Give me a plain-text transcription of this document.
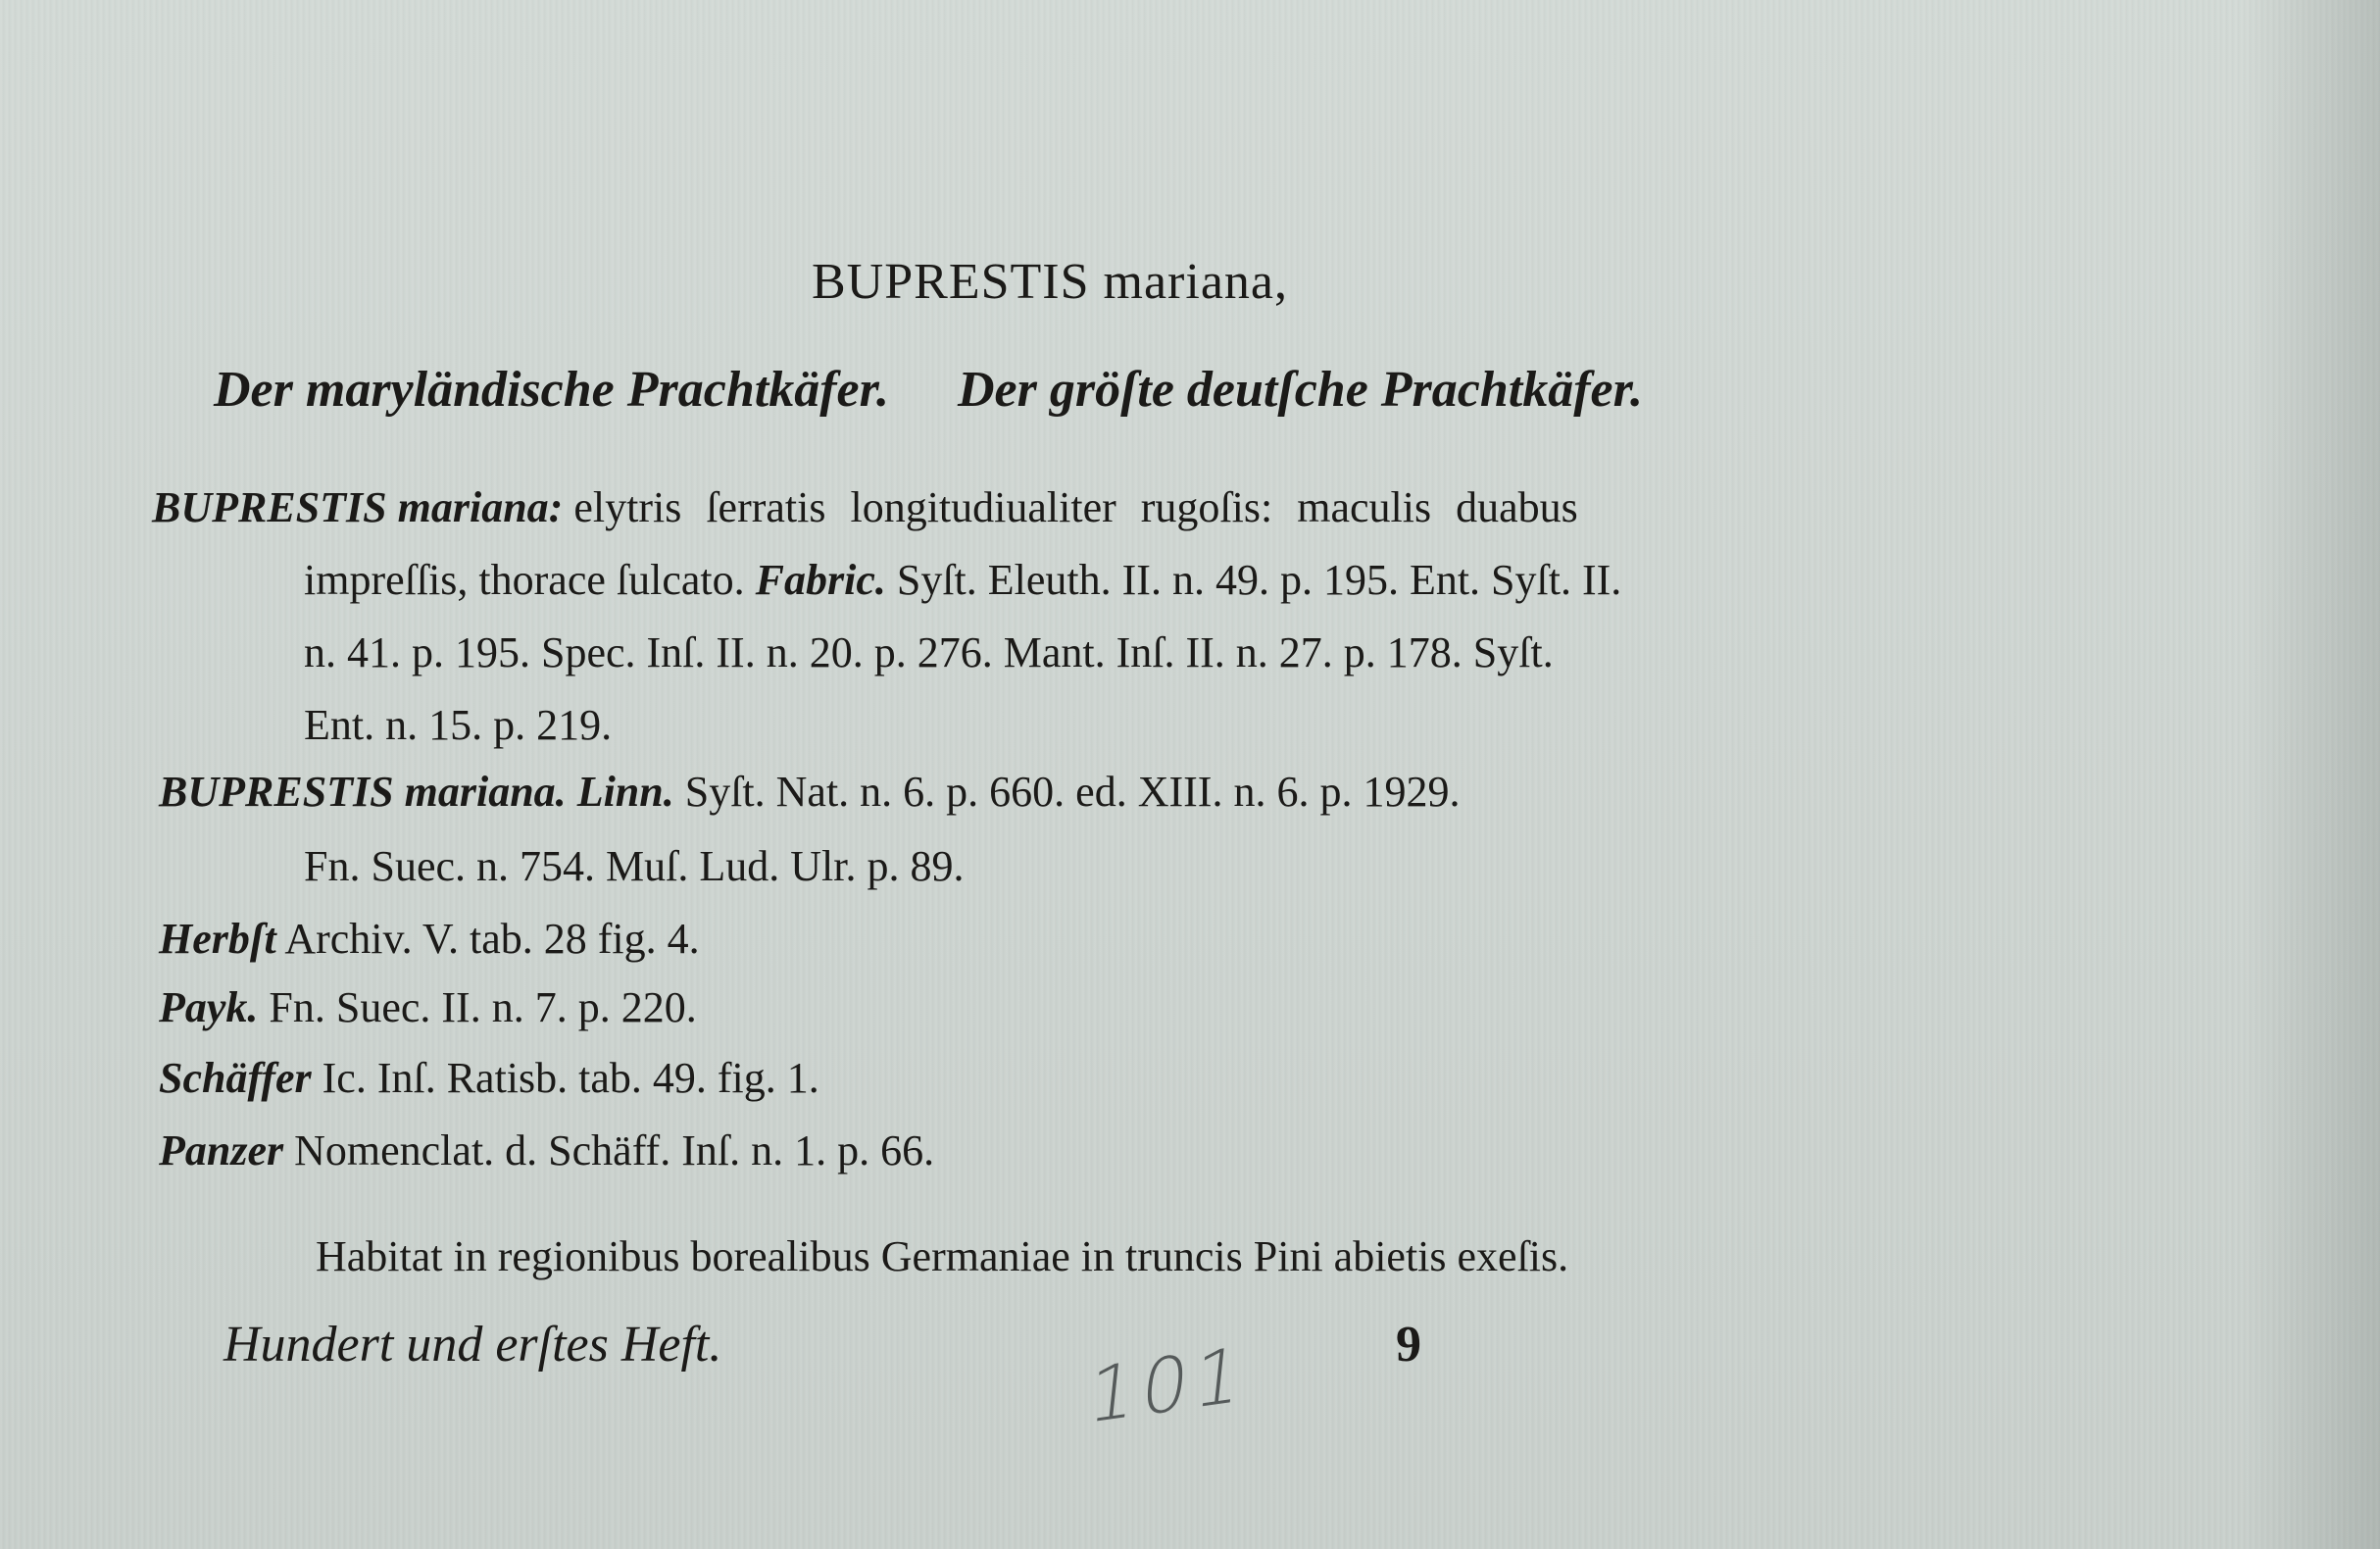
BUPRESTIS mariana,
Der maryländische Prachtkäfer. Der gröſte deutſche Prachtkäfer.
BUPRESTIS mariana: elytris ſerratis longitudiualiter rugoſis: maculis duabus
impreſſis, thorace ſulcato. Fabric. Syſt. Eleuth. II. n. 49. p. 195. Ent. Syſt. II.
n. 41. p. 195. Spec. Inſ. II. n. 20. p. 276. Mant. Inſ. II. n. 27. p. 178. Syſt.
Ent. n. 15. p. 219.
BUPRESTIS mariana. Linn. Syſt. Nat. n. 6. p. 660. ed. XIII. n. 6. p. 1929.
Fn. Suec. n. 754. Muſ. Lud. Ulr. p. 89.
Herbſt Archiv. V. tab. 28 fig. 4.
Payk. Fn. Suec. II. n. 7. p. 220.
Schäffer Ic. Inſ. Ratisb. tab. 49. fig. 1.
Panzer Nomenclat. d. Schäff. Inſ. n. 1. p. 66.
Habitat in regionibus borealibus Germaniae in truncis Pini abietis exeſis.
Hundert und erſtes Heft.	9
101
